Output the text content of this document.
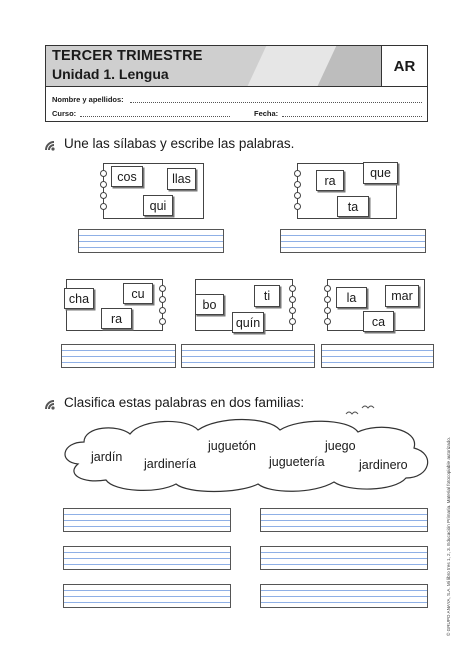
TERCER TRIMESTRE
Unidad 1. Lengua	AR
Nombre y apellidos:
Curso:	Fecha:
Une las sílabas y escribe las palabras.
cos	llas
qui
ra
que
ta
cha	cu
ra
bo
ti
quín
la	mar
ca
Clasifica estas palabras en dos familias:
jardín jardinería
juguetón
juguetería
juego
jardinero	© GRUPO ANAYA, S.A. Mi libro tres 1, 2, 3. Educación Primaria. Material fotocopiable autorizado.
